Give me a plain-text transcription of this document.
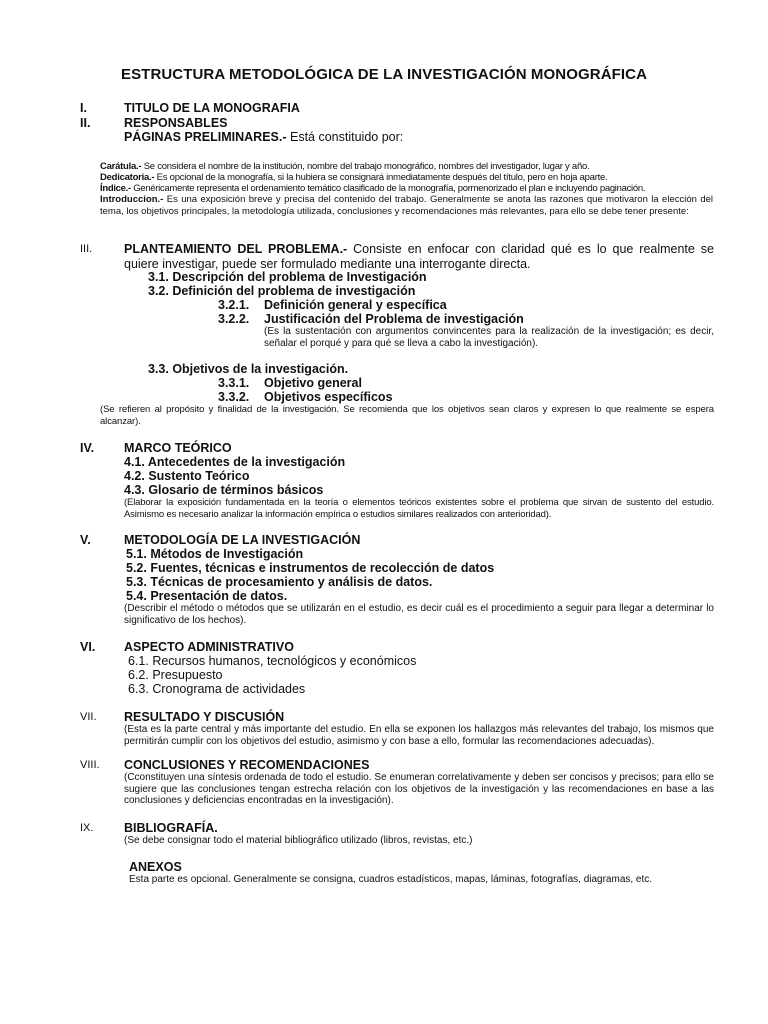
ESTRUCTURA METODOLÓGICA DE LA INVESTIGACIÓN MONOGRÁFICA
I.	TITULO DE LA MONOGRAFIA
II.	RESPONSABLES
PÁGINAS PRELIMINARES.- Está constituido por:
Carátula.- Se considera el nombre de la institución, nombre del trabajo monográfico, nombres del investigador, lugar y año.
Dedicatoria.- Es opcional de la monografía, si la hubiera se consignará inmediatamente después del título, pero en hoja aparte.
Índice.- Genéricamente representa el ordenamiento temático clasificado de la monografía, pormenorizado el plan e incluyendo paginación.
Introduccion.- Es una exposición breve y precisa del contenido del trabajo. Generalmente se anota las razones que motivaron la elección del tema, los objetivos principales, la metodología utilizada, conclusiones y recomendaciones más relevantes, para ello se debe tener presente:
III.	PLANTEAMIENTO DEL PROBLEMA.- Consiste en enfocar con claridad qué es lo que realmente se quiere investigar, puede ser formulado mediante una interrogante directa.
3.1. Descripción del problema de Investigación
3.2. Definición del problema de investigación
3.2.1. Definición general y específica
3.2.2. Justificación del Problema de investigación
(Es la sustentación con argumentos convincentes para la realización de la investigación; es decir, señalar el porqué y para qué se lleva a cabo la investigación).
3.3. Objetivos de la investigación.
3.3.1. Objetivo general
3.3.2. Objetivos específicos
(Se refieren al propósito y finalidad de la investigación. Se recomienda que los objetivos sean claros y expresen lo que realmente se espera alcanzar).
IV. MARCO TEÓRICO
4.1. Antecedentes de la investigación
4.2. Sustento Teórico
4.3. Glosario de términos básicos
(Elaborar la exposición fundamentada en la teoría o elementos teóricos existentes sobre el problema que sirvan de sustento del estudio. Asimismo es necesario analizar la información empírica o estudios similares realizados con anterioridad).
V.	METODOLOGÍA DE LA INVESTIGACIÓN
5.1. Métodos de Investigación
5.2. Fuentes, técnicas e instrumentos de recolección de datos
5.3. Técnicas de procesamiento y análisis de datos.
5.4. Presentación de datos.
(Describir el método o métodos que se utilizarán en el estudio, es decir cuál es el procedimiento a seguir para llegar a determinar lo significativo de los hechos).
VI. ASPECTO ADMINISTRATIVO
6.1. Recursos humanos, tecnológicos y económicos
6.2. Presupuesto
6.3. Cronograma de actividades
VII. RESULTADO Y DISCUSIÓN
(Esta es la parte central y más importante del estudio. En ella se exponen los hallazgos más relevantes del trabajo, los mismos que permitirán cumplir con los objetivos del estudio, asimismo y con base a ello, formular las recomendaciones adecuadas).
VIII. CONCLUSIONES Y RECOMENDACIONES
(Cconstituyen una síntesis ordenada de todo el estudio. Se enumeran correlativamente y deben ser concisos y precisos; para ello se sugiere que las conclusiones tengan estrecha relación con los objetivos de la investigación y las recomendaciones en base a las conclusiones y deficiencias encontradas en la investigación).
IX. BIBLIOGRAFÍA.
(Se debe consignar todo el material bibliográfico utilizado (libros, revistas, etc.)
ANEXOS
Esta parte es opcional. Generalmente se consigna, cuadros estadísticos, mapas, láminas, fotografías, diagramas, etc.
